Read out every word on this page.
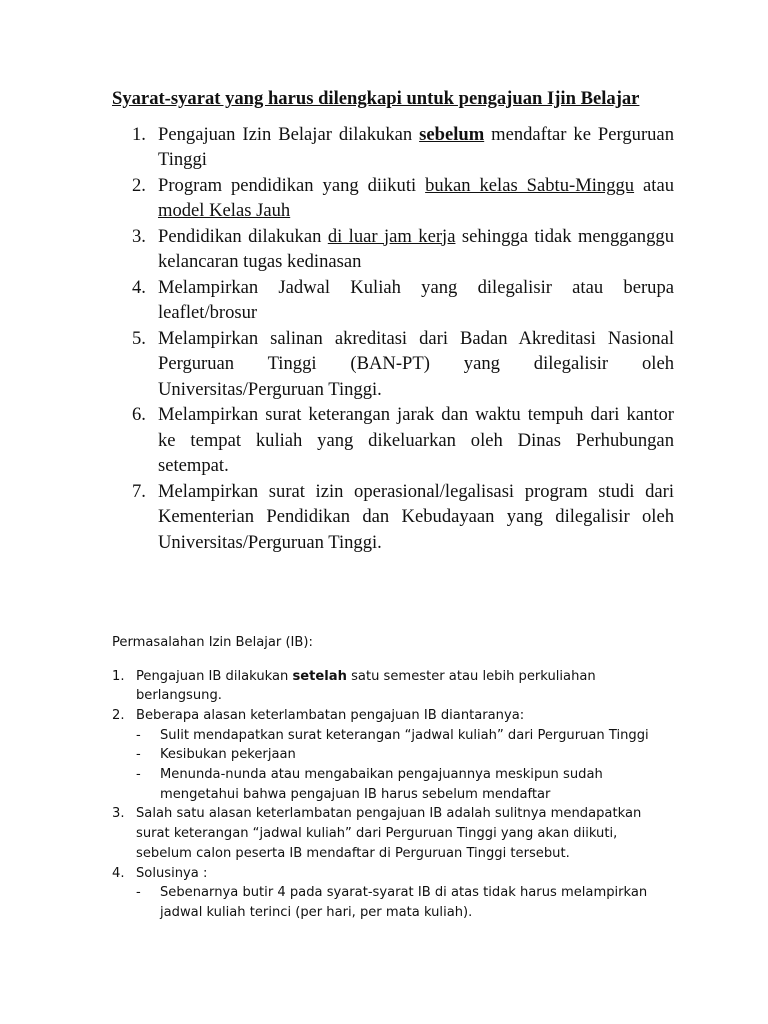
Syarat-syarat yang harus dilengkapi untuk pengajuan Ijin Belajar

1. Pengajuan Izin Belajar dilakukan sebelum mendaftar ke Perguruan Tinggi
2. Program pendidikan yang diikuti bukan kelas Sabtu-Minggu atau model Kelas Jauh
3. Pendidikan dilakukan di luar jam kerja sehingga tidak mengganggu kelancaran tugas kedinasan
4. Melampirkan Jadwal Kuliah yang dilegalisir atau berupa leaflet/brosur
5. Melampirkan salinan akreditasi dari Badan Akreditasi Nasional Perguruan Tinggi (BAN-PT) yang dilegalisir oleh Universitas/Perguruan Tinggi.
6. Melampirkan surat keterangan jarak dan waktu tempuh dari kantor ke tempat kuliah yang dikeluarkan oleh Dinas Perhubungan setempat.
7. Melampirkan surat izin operasional/legalisasi program studi dari Kementerian Pendidikan dan Kebudayaan yang dilegalisir oleh Universitas/Perguruan Tinggi.

Permasalahan Izin Belajar (IB):

1. Pengajuan IB dilakukan setelah satu semester atau lebih perkuliahan berlangsung.
2. Beberapa alasan keterlambatan pengajuan IB diantaranya:
- Sulit mendapatkan surat keterangan “jadwal kuliah” dari Perguruan Tinggi
- Kesibukan pekerjaan
- Menunda-nunda atau mengabaikan pengajuannya meskipun sudah mengetahui bahwa pengajuan IB harus sebelum mendaftar
3. Salah satu alasan keterlambatan pengajuan IB adalah sulitnya mendapatkan surat keterangan “jadwal kuliah” dari Perguruan Tinggi yang akan diikuti, sebelum calon peserta IB mendaftar di Perguruan Tinggi tersebut.
4. Solusinya :
- Sebenarnya butir 4 pada syarat-syarat IB di atas tidak harus melampirkan jadwal kuliah terinci (per hari, per mata kuliah).
